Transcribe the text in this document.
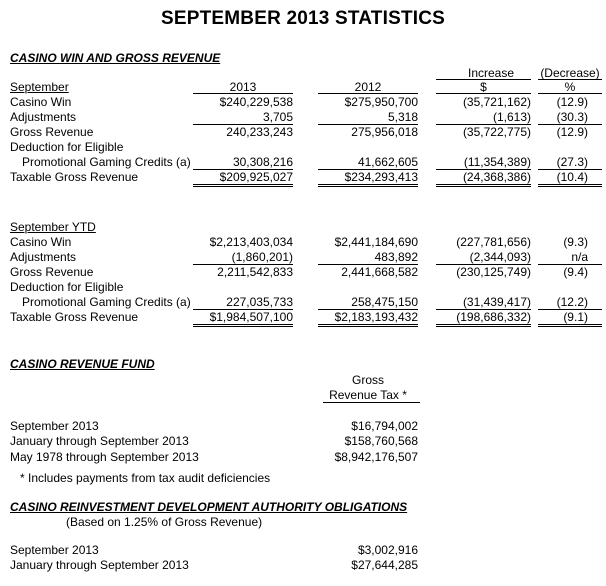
SEPTEMBER 2013 STATISTICS
CASINO WIN AND GROSS REVENUE
Increase	(Decrease)
$	%
September	2013	2012
Casino Win	$240,229,538	$275,950,700	(35,721,162)	(12.9)
Adjustments	3,705	5,318	(1,613)	(30.3)
Gross Revenue	240,233,243	275,956,018	(35,722,775)	(12.9)
Deduction for Eligible
Promotional Gaming Credits (a)	30,308,216	41,662,605	(11,354,389)	(27.3)
Taxable Gross Revenue	$209,925,027	$234,293,413	(24,368,386)	(10.4)
September YTD
Casino Win	$2,213,403,034	$2,441,184,690	(227,781,656)	(9.3)
Adjustments	(1,860,201)	483,892	(2,344,093)	n/a
Gross Revenue	2,211,542,833	2,441,668,582	(230,125,749)	(9.4)
Deduction for Eligible
Promotional Gaming Credits (a)	227,035,733	258,475,150	(31,439,417)	(12.2)
Taxable Gross Revenue	$1,984,507,100	$2,183,193,432	(198,686,332)	(9.1)
CASINO REVENUE FUND
Gross
Revenue Tax *
September 2013	$16,794,002
January through September 2013	$158,760,568
May 1978 through September 2013	$8,942,176,507
* Includes payments from tax audit deficiencies
CASINO REINVESTMENT DEVELOPMENT AUTHORITY OBLIGATIONS
(Based on 1.25% of Gross Revenue)
September 2013	$3,002,916
January through September 2013	$27,644,285
